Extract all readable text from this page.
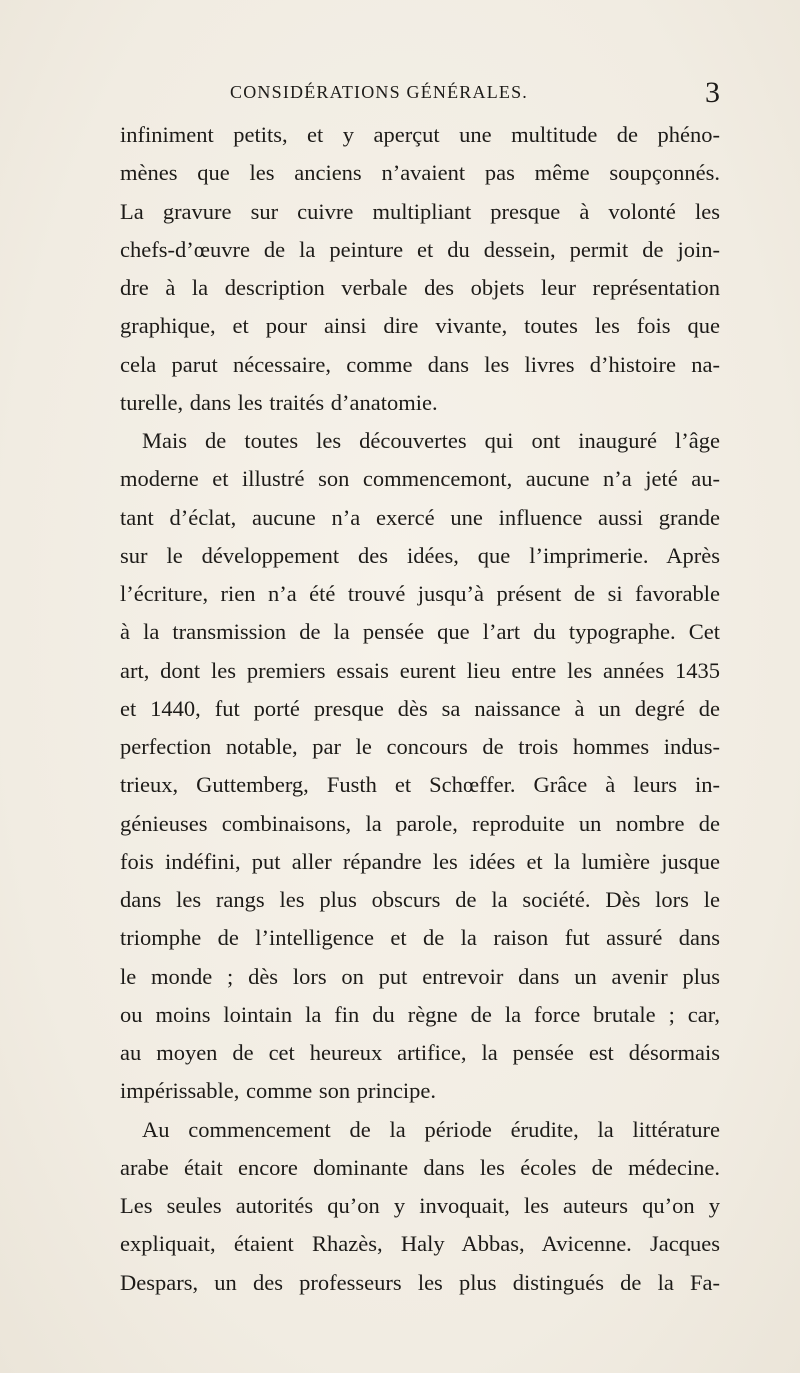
CONSIDÉRATIONS GÉNÉRALES.	3
infiniment petits, et y aperçut une multitude de phéno-
mènes que les anciens n’avaient pas même soupçonnés.
La gravure sur cuivre multipliant presque à volonté les
chefs-d’œuvre de la peinture et du dessein, permit de join-
dre à la description verbale des objets leur représentation
graphique, et pour ainsi dire vivante, toutes les fois que
cela parut nécessaire, comme dans les livres d’histoire na-
turelle, dans les traités d’anatomie.
Mais de toutes les découvertes qui ont inauguré l’âge
moderne et illustré son commencemont, aucune n’a jeté au-
tant d’éclat, aucune n’a exercé une influence aussi grande
sur le développement des idées, que l’imprimerie. Après
l’écriture, rien n’a été trouvé jusqu’à présent de si favorable
à la transmission de la pensée que l’art du typographe. Cet
art, dont les premiers essais eurent lieu entre les années 1435
et 1440, fut porté presque dès sa naissance à un degré de
perfection notable, par le concours de trois hommes indus-
trieux, Guttemberg, Fusth et Schœffer. Grâce à leurs in-
génieuses combinaisons, la parole, reproduite un nombre de
fois indéfini, put aller répandre les idées et la lumière jusque
dans les rangs les plus obscurs de la société. Dès lors le
triomphe de l’intelligence et de la raison fut assuré dans
le monde ; dès lors on put entrevoir dans un avenir plus
ou moins lointain la fin du règne de la force brutale ; car,
au moyen de cet heureux artifice, la pensée est désormais
impérissable, comme son principe.
Au commencement de la période érudite, la littérature
arabe était encore dominante dans les écoles de médecine.
Les seules autorités qu’on y invoquait, les auteurs qu’on y
expliquait, étaient Rhazès, Haly Abbas, Avicenne. Jacques
Despars, un des professeurs les plus distingués de la Fa-
